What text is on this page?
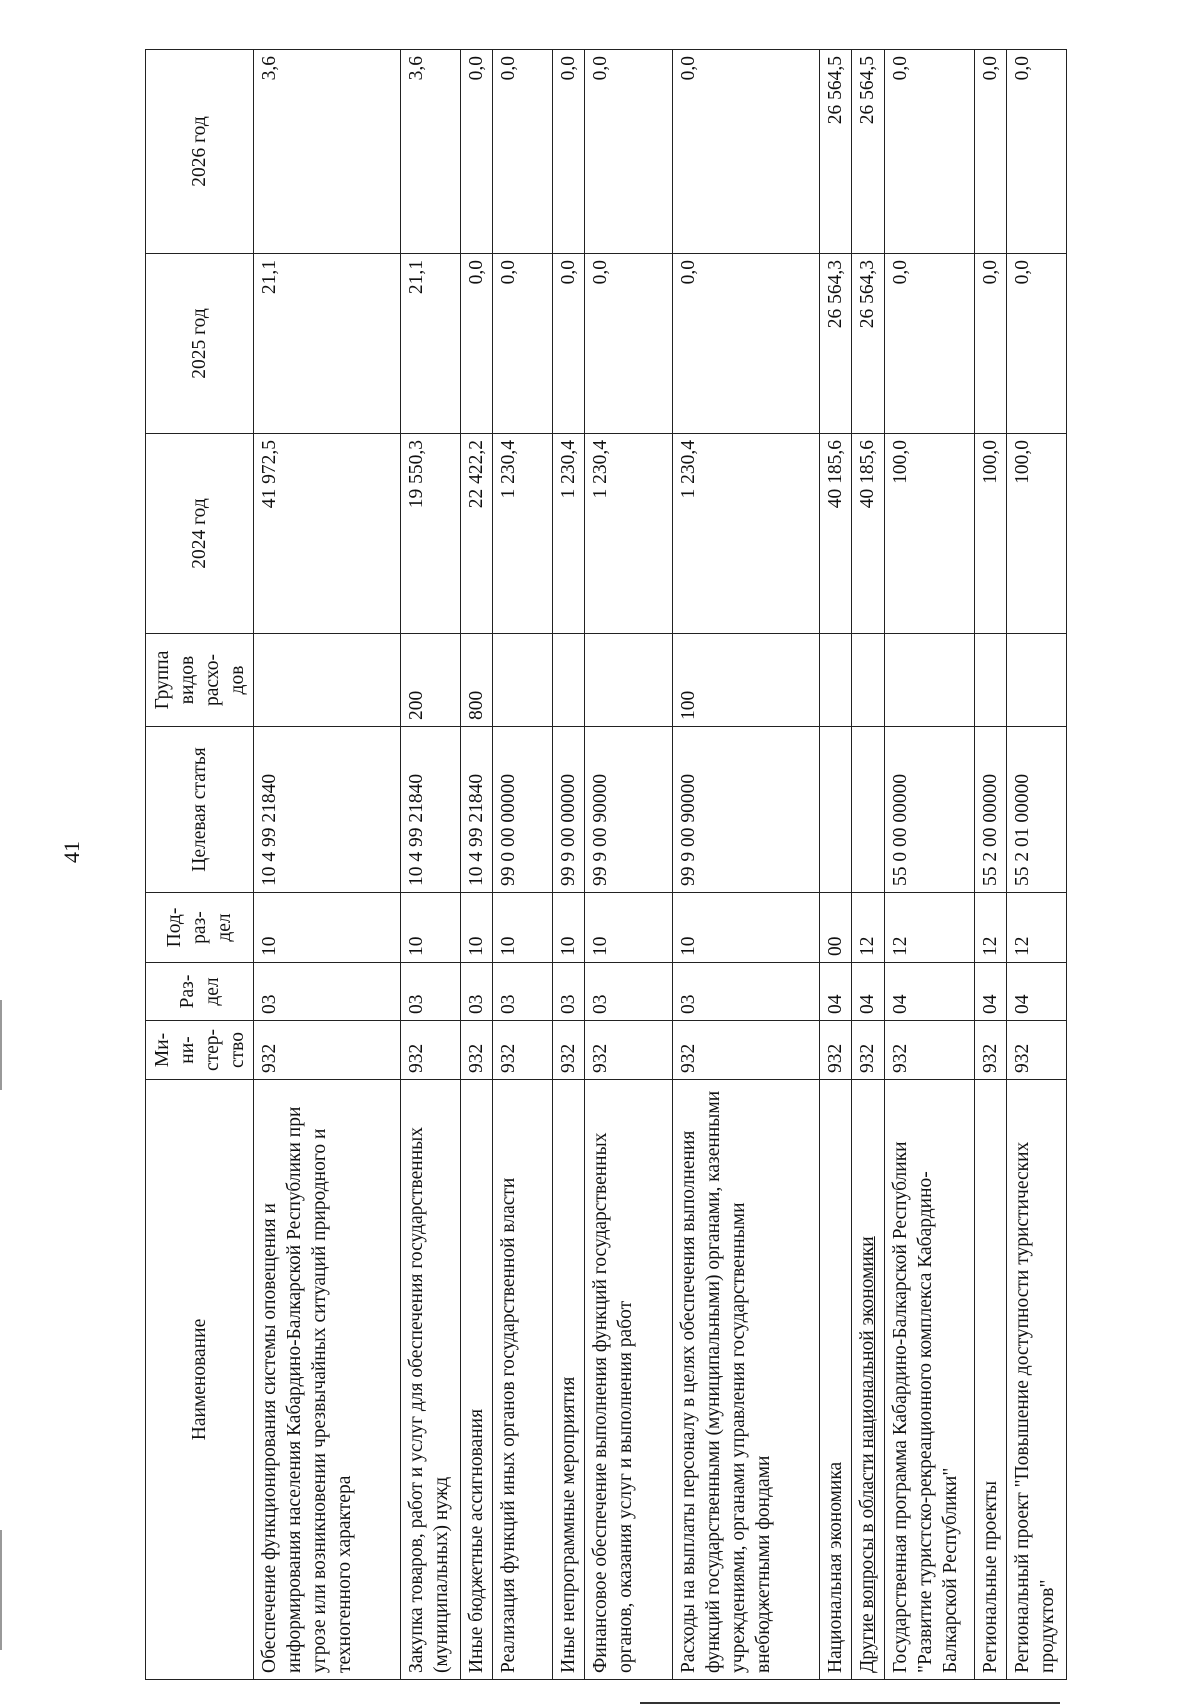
41
Наименование	Ми- ни- стер- ство	Раз- дел	Под- раз- дел	Целевая статья	Группа видов расхо- дов	2024 год	2025 год	2026 год
Обеспечение функционирования системы оповещения и информирования населения Кабардино-Балкарской Республики при угрозе или возникновении чрезвычайных ситуаций природного и техногенного характера	932	03	10	10 4 99 21840		41 972,5	21,1	3,6
Закупка товаров, работ и услуг для обеспечения государственных (муниципальных) нужд	932	03	10	10 4 99 21840	200	19 550,3	21,1	3,6
Иные бюджетные ассигнования	932	03	10	10 4 99 21840	800	22 422,2	0,0	0,0
Реализация функций иных органов государственной власти	932	03	10	99 0 00 00000		1 230,4	0,0	0,0
Иные непрограммные мероприятия	932	03	10	99 9 00 00000		1 230,4	0,0	0,0
Финансовое обеспечение выполнения функций государственных органов, оказания услуг и выполнения работ	932	03	10	99 9 00 90000		1 230,4	0,0	0,0
Расходы на выплаты персоналу в целях обеспечения выполнения функций государственными (муниципальными) органами, казенными учреждениями, органами управления государственными внебюджетными фондами	932	03	10	99 9 00 90000	100	1 230,4	0,0	0,0
Национальная экономика	932	04	00			40 185,6	26 564,3	26 564,5
Другие вопросы в области национальной экономики	932	04	12			40 185,6	26 564,3	26 564,5
Государственная программа Кабардино-Балкарской Республики "Развитие туристско-рекреационного комплекса Кабардино-Балкарской Республики"	932	04	12	55 0 00 00000		100,0	0,0	0,0
Региональные проекты	932	04	12	55 2 00 00000		100,0	0,0	0,0
Региональный проект "Повышение доступности туристических продуктов"	932	04	12	55 2 01 00000		100,0	0,0	0,0
